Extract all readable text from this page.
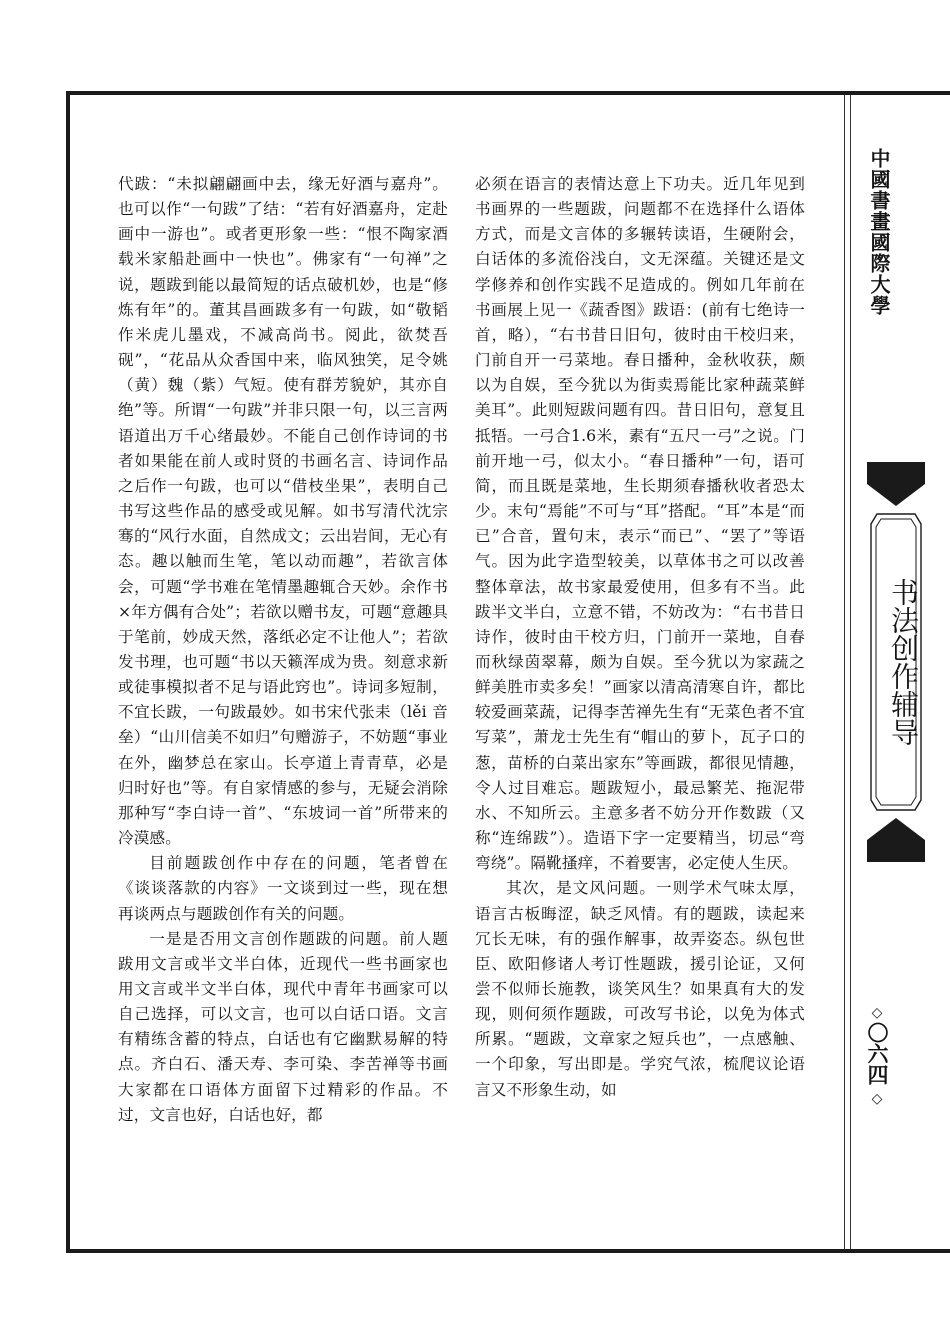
代跋：“未拟翩翩画中去，缘无好酒与嘉舟”。也可以作“一句跋”了结：“若有好酒嘉舟，定赴画中一游也”。或者更形象一些：“恨不陶家酒载米家船赴画中一快也”。佛家有“一句禅”之说，题跋到能以最简短的话点破机妙，也是“修炼有年”的。董其昌画跋多有一句跋，如“敬韬作米虎儿墨戏，不减高尚书。阅此，欲焚吾砚”，“花品从众香国中来，临风独笑，足令姚（黄）魏（紫）气短。使有群芳貌妒，其亦自绝”等。所谓“一句跋”并非只限一句，以三言两语道出万千心绪最妙。不能自己创作诗词的书者如果能在前人或时贤的书画名言、诗词作品之后作一句跋，也可以“借枝坐果”，表明自己书写这些作品的感受或见解。如书写清代沈宗骞的“风行水面，自然成文；云出岩间，无心有态。趣以触而生笔，笔以动而趣”，若欲言体会，可题“学书难在笔情墨趣辄合天妙。余作书×年方偶有合处”；若欲以赠书友，可题“意趣具于笔前，妙成天然，落纸必定不让他人”；若欲发书理，也可题“书以天籁浑成为贵。刻意求新或徒事模拟者不足与语此窍也”。诗词多短制，不宜长跋，一句跋最妙。如书宋代张耒（lěi 音垒）“山川信美不如归”句赠游子，不妨题“事业在外，幽梦总在家山。长亭道上青青草，必是归时好也”等。有自家情感的参与，无疑会消除那种写“李白诗一首”、“东坡词一首”所带来的冷漠感。

目前题跋创作中存在的问题，笔者曾在《谈谈落款的内容》一文谈到过一些，现在想再谈两点与题跋创作有关的问题。

一是是否用文言创作题跋的问题。前人题跋用文言或半文半白体，近现代一些书画家也用文言或半文半白体，现代中青年书画家可以自己选择，可以文言，也可以白话口语。文言有精练含蓄的特点，白话也有它幽默易解的特点。齐白石、潘天寿、李可染、李苦禅等书画大家都在口语体方面留下过精彩的作品。不过，文言也好，白话也好，都

必须在语言的表情达意上下功夫。近几年见到书画界的一些题跋，问题都不在选择什么语体方式，而是文言体的多辗转读语，生硬附会，白话体的多流俗浅白，文无深蕴。关键还是文学修养和创作实践不足造成的。例如几年前在书画展上见一《蔬香图》跋语：(前有七绝诗一首，略），“右书昔日旧句，彼时由干校归来，门前自开一弓菜地。春日播种，金秋收获，颇以为自娱，至今犹以为街卖焉能比家种蔬菜鲜美耳”。此则短跋问题有四。昔日旧句，意复且抵牾。一弓合1.6米，素有“五尺一弓”之说。门前开地一弓，似太小。“春日播种”一句，语可简，而且既是菜地，生长期须春播秋收者恐太少。末句“焉能”不可与“耳”搭配。“耳”本是“而已”合音，置句末，表示“而已”、“罢了”等语气。因为此字造型较美，以草体书之可以改善整体章法，故书家最爱使用，但多有不当。此跋半文半白，立意不错，不妨改为：“右书昔日诗作，彼时由干校方归，门前开一菜地，自春而秋绿茵翠幕，颇为自娱。至今犹以为家蔬之鲜美胜市卖多矣！”画家以清高清寒自许，都比较爱画菜蔬，记得李苦禅先生有“无菜色者不宜写菜”，萧龙士先生有“帽山的萝卜，瓦子口的葱，苗桥的白菜出家东”等画跋，都很见情趣，令人过目难忘。题跋短小，最忌繁芜、拖泥带水、不知所云。主意多者不妨分开作数跋（又称“连绵跋”）。造语下字一定要精当，切忌“弯弯绕”。隔靴搔痒，不着要害，必定使人生厌。

其次，是文风问题。一则学术气味太厚，语言古板晦涩，缺乏风情。有的题跋，读起来冗长无味，有的强作解事，故弄姿态。纵包世臣、欧阳修诸人考订性题跋，援引论证，又何尝不似师长施教，谈笑风生？如果真有大的发现，则何须作题跋，可改写书论，以免为体式所累。“题跋，文章家之短兵也”，一点感触、一个印象，写出即是。学究气浓，梳爬议论语言又不形象生动，如

中國書畫國際大學
书法创作辅导
◇
〇六四
◇
